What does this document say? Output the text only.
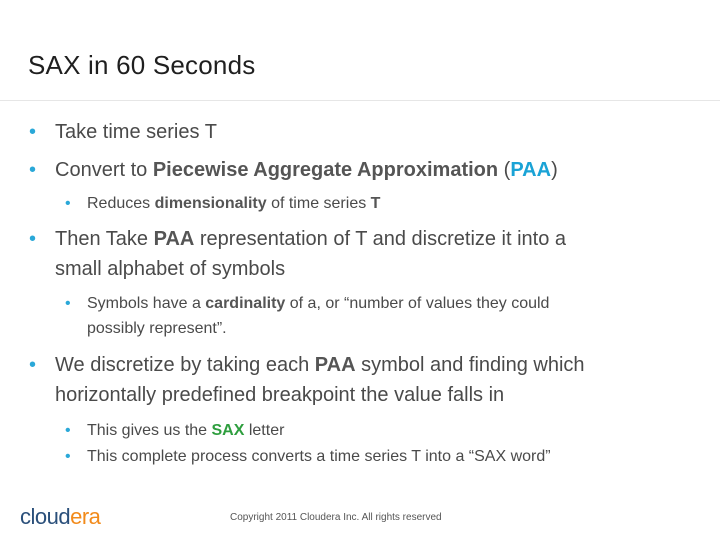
SAX in 60 Seconds
• Take time series T
• Convert to Piecewise Aggregate Approximation (PAA)
• Reduces dimensionality of time series T
• Then Take PAA representation of T and discretize it into a
small alphabet of symbols
• Symbols have a cardinality of a, or “number of values they could
possibly represent”.
• We discretize by taking each PAA symbol and finding which
horizontally predefined breakpoint the value falls in
• This gives us the SAX letter
• This complete process converts a time series T into a “SAX word”
cloudera	Copyright 2011 Cloudera Inc. All rights reserved
